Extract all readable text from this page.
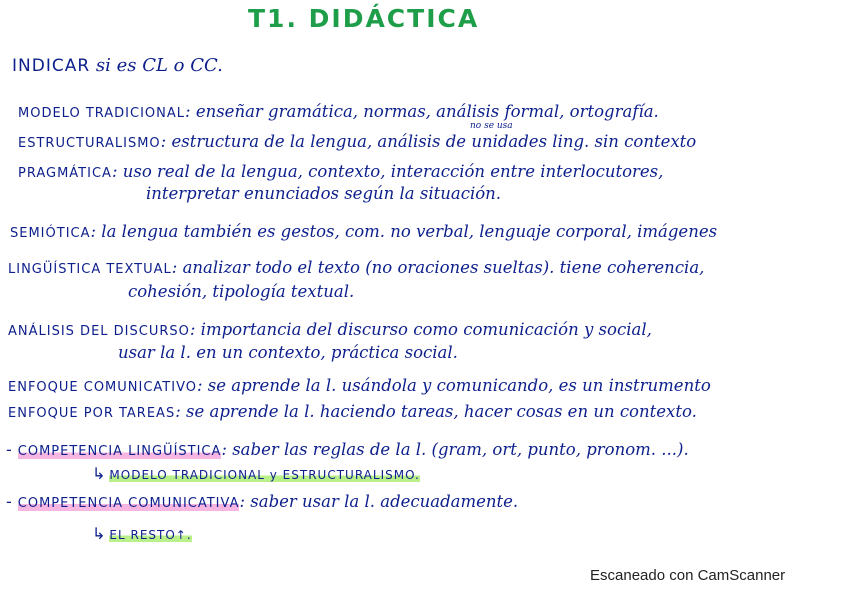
T1. DIDÁCTICA
INDICAR si es CL o CC.
MODELO TRADICIONAL: enseñar gramática, normas, análisis formal, ortografía.
no se usa
ESTRUCTURALISMO: estructura de la lengua, análisis de unidades ling. sin contexto
PRAGMÁTICA: uso real de la lengua, contexto, interacción entre interlocutores,
interpretar enunciados según la situación.
SEMIÓTICA: la lengua también es gestos, com. no verbal, lenguaje corporal, imágenes
LINGÜÍSTICA TEXTUAL: analizar todo el texto (no oraciones sueltas). tiene coherencia,
cohesión, tipología textual.
ANÁLISIS DEL DISCURSO: importancia del discurso como comunicación y social,
usar la l. en un contexto, práctica social.
ENFOQUE COMUNICATIVO: se aprende la l. usándola y comunicando, es un instrumento
ENFOQUE POR TAREAS: se aprende la l. haciendo tareas, hacer cosas en un contexto.
- COMPETENCIA LINGÜÍSTICA: saber las reglas de la l. (gram, ort, punto, pronom. ...).
↳ MODELO TRADICIONAL y ESTRUCTURALISMO.
- COMPETENCIA COMUNICATIVA: saber usar la l. adecuadamente.
↳ EL RESTO↑.
Escaneado con CamScanner
